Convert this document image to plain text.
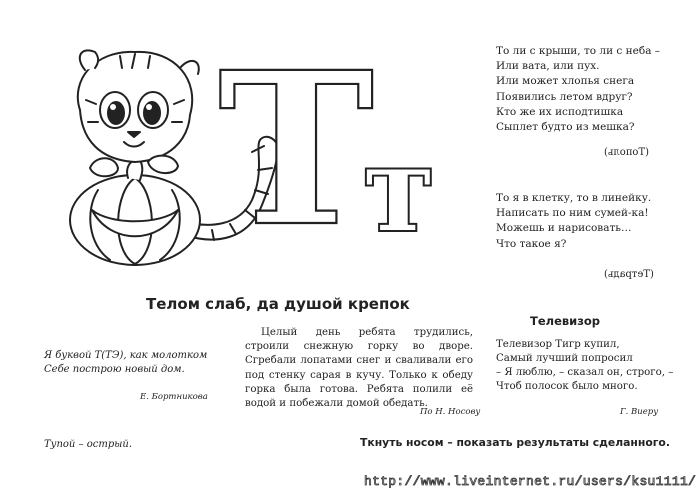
Т
т
То ли с крыши, то ли с неба –
Или вата, или пух.
Или может хлопья снега
Появились летом вдруг?
Кто же их исподтишка
Сыплет будто из мешка?
(Тополь)
То я в клетку, то в линейку.
Написать по ним сумей-ка!
Можешь и нарисовать…
Что такое я?
(Тетрадь)
Телом слаб, да душой крепок
Целый день ребята трудились, строили снежную горку во дворе. Сгребали лопатами снег и сваливали его под стенку сарая в кучу. Только к обеду горка была готова. Ребята полили её водой и побежали домой обедать.
По Н. Носову
Я буквой Т(ТЭ), как молотком
Себе построю новый дом.
Е. Бортникова
Телевизор
Телевизор Тигр купил,
Самый лучший попросил
– Я люблю, – сказал он, строго, –
Чтоб полосок было много.
Г. Виеру
Тупой – острый.	Ткнуть носом – показать результаты сделанного.
http://www.liveinternet.ru/users/ksu1111/
